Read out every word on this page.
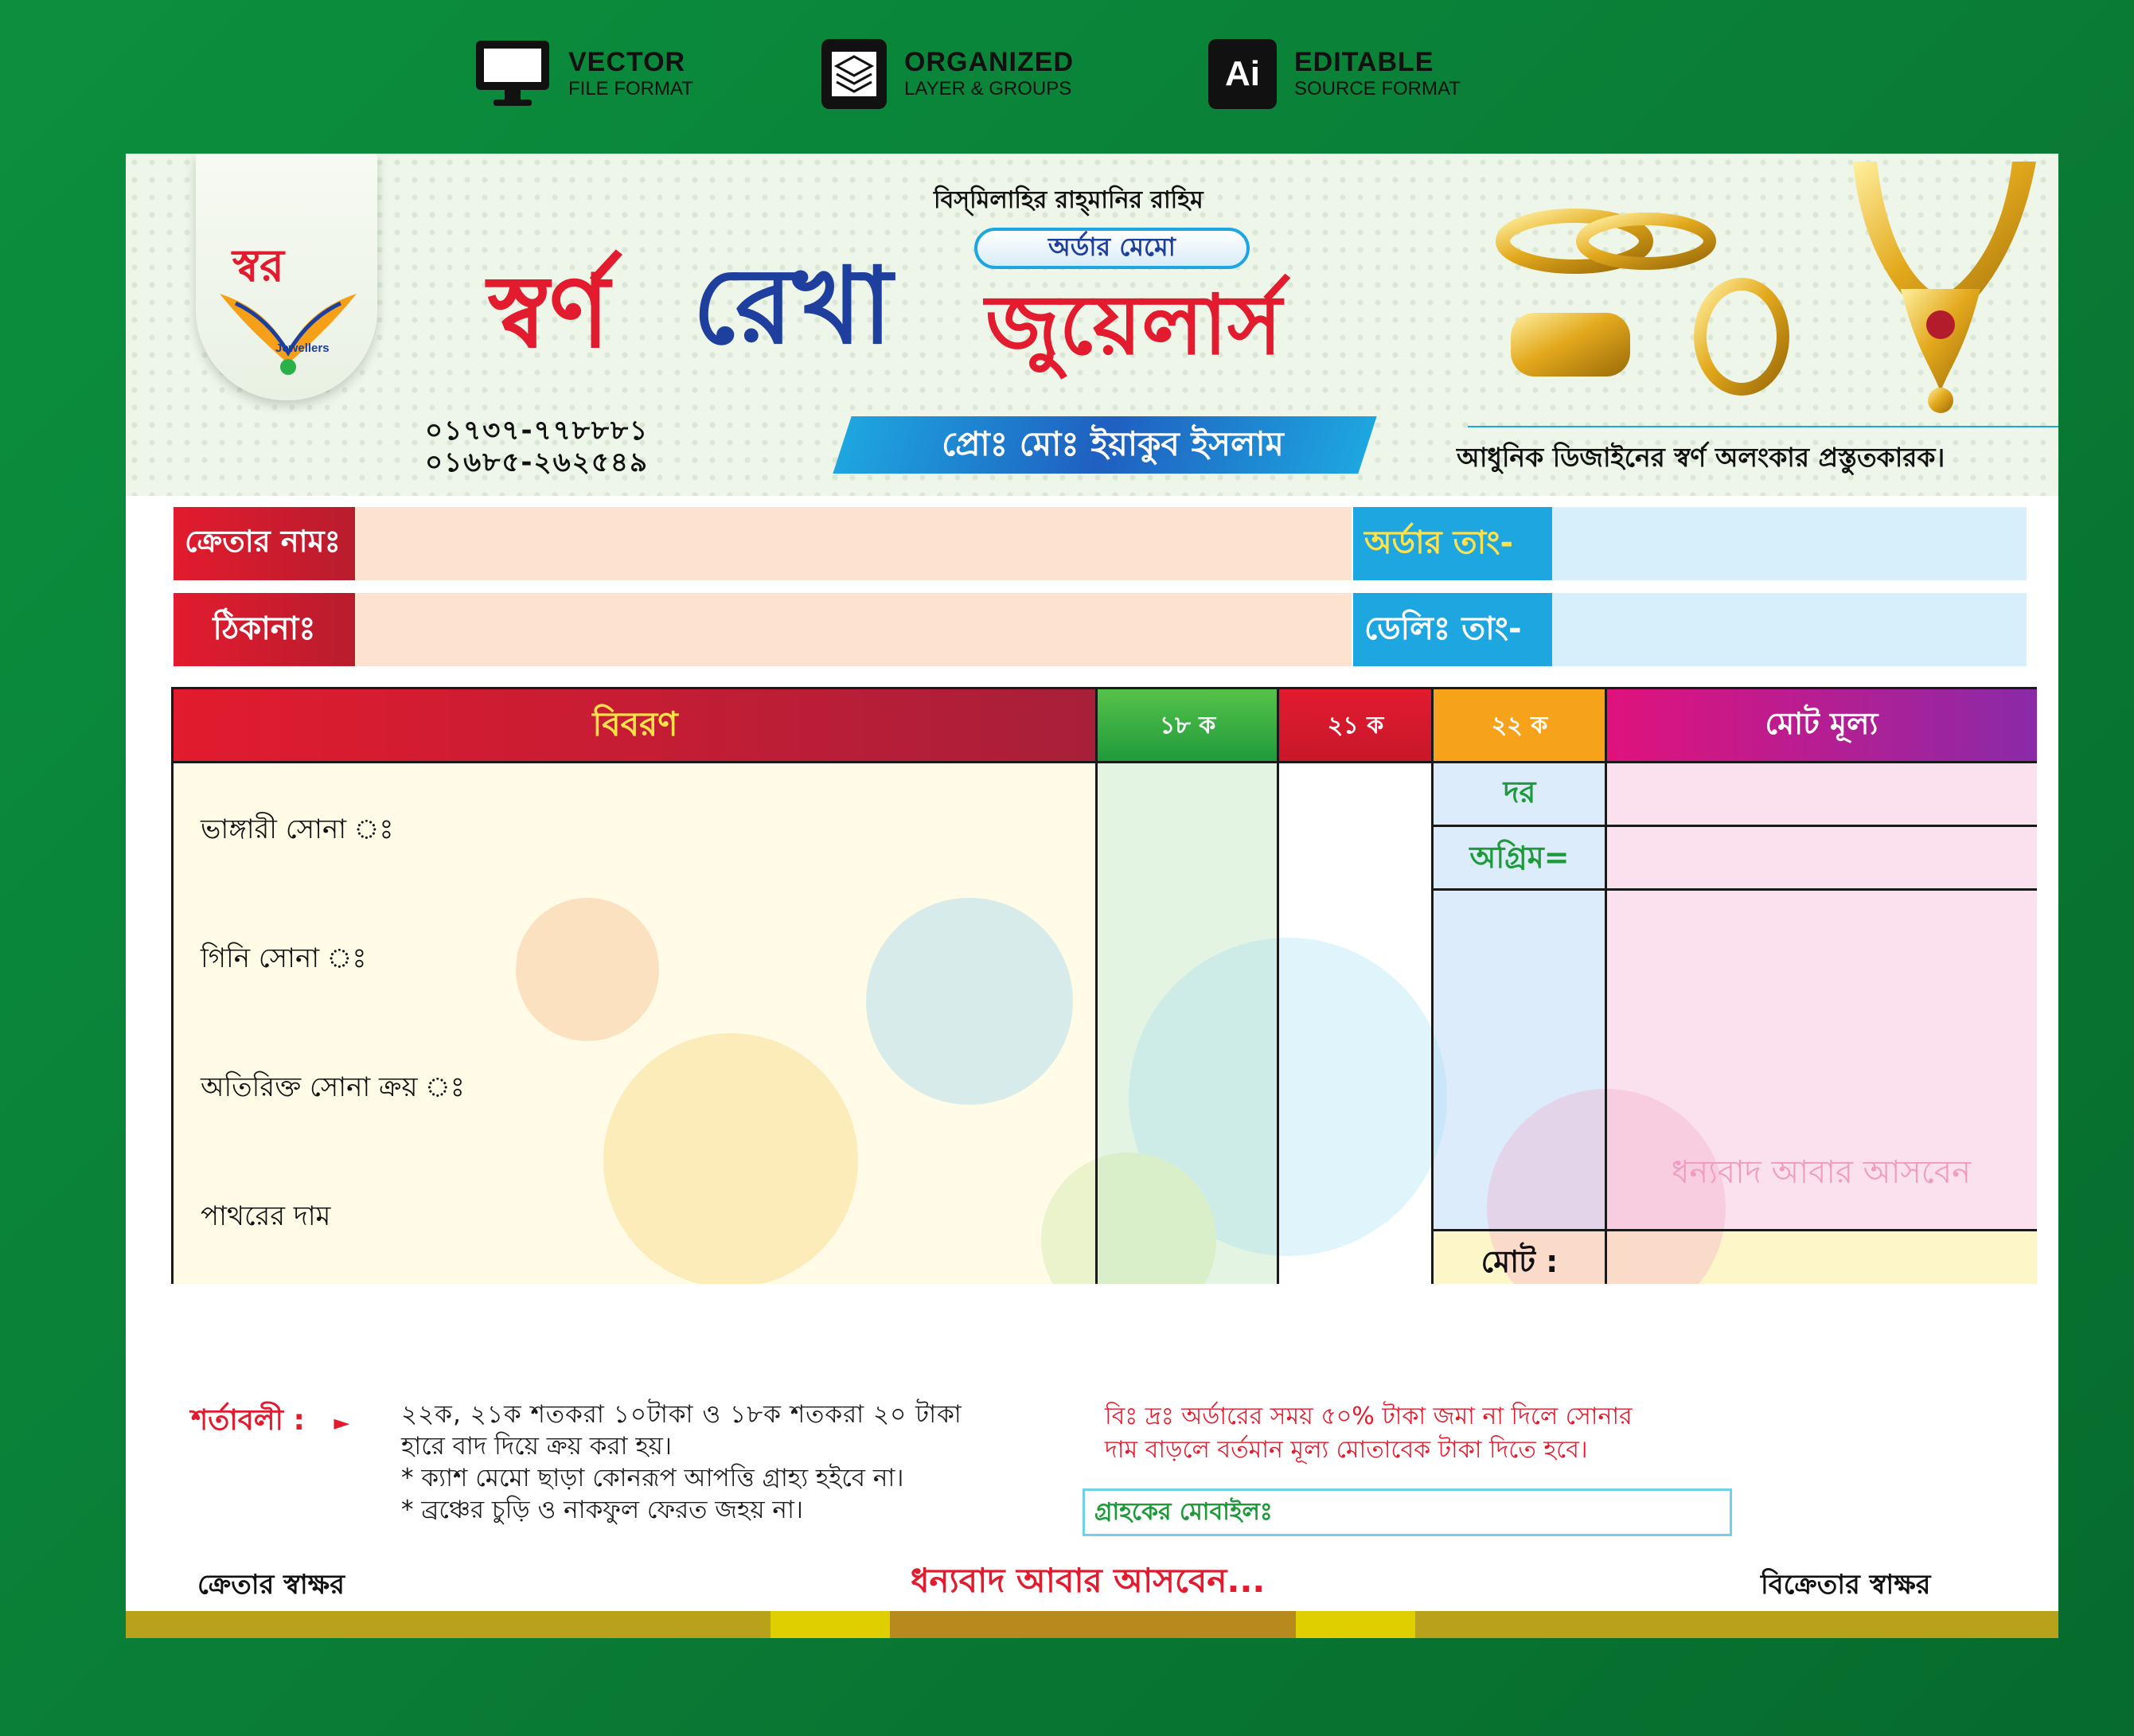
VECTOR
FILE FORMAT
ORGANIZED
LAYER & GROUPS	Ai EDITABLE
SOURCE FORMAT
স্বর
Jewellers
বিস্‌মিলাহির রাহ্‌মানির রাহিম
অর্ডার মেমো
স্বর্ণ রেখা জুয়েলার্স
প্রোঃ মোঃ ইয়াকুব ইসলাম
০১৭৩৭-৭৭৮৮৮১
০১৬৮৫-২৬২৫৪৯	আধুনিক ডিজাইনের স্বর্ণ অলংকার প্রস্তুতকারক।
ক্রেতার নামঃ	অর্ডার তাং-
ঠিকানাঃ	ডেলিঃ তাং-
ধন্যবাদ আবার আসবেন
বিবরণ	১৮ ক	২১ ক	২২ ক	মোট মূল্য
ভাঙ্গারী সোনা ঃ
গিনি সোনা ঃ
অতিরিক্ত সোনা ক্রয় ঃ
পাথরের দাম
দর
অগ্রিম=
মোট :
শর্তাবলী : ► ২২ক, ২১ক শতকরা ১০টাকা ও ১৮ক শতকরা ২০ টাকা
হারে বাদ দিয়ে ক্রয় করা হয়।
* ক্যাশ মেমো ছাড়া কোনরূপ আপত্তি গ্রাহ্য হইবে না।
* ব্রঞ্চের চুড়ি ও নাকফুল ফেরত জহয় না।
বিঃ দ্রঃ অর্ডারের সময় ৫০% টাকা জমা না দিলে সোনার
দাম বাড়লে বর্তমান মূল্য মোতাবেক টাকা দিতে হবে।
গ্রাহকের মোবাইলঃ
ক্রেতার স্বাক্ষর	ধন্যবাদ আবার আসবেন...	বিক্রেতার স্বাক্ষর
